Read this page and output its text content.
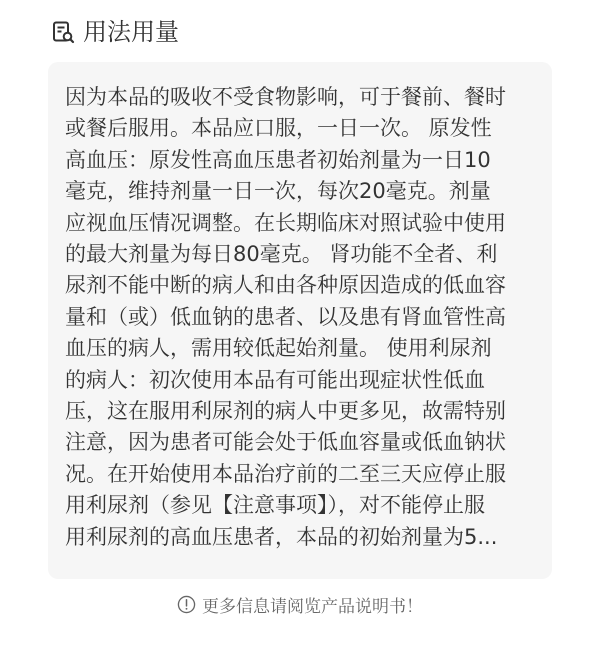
用法用量
因为本品的吸收不受食物影响，可于餐前、餐时
或餐后服用。本品应口服，一日一次。 原发性
高血压：原发性高血压患者初始剂量为一日10
毫克，维持剂量一日一次，每次20毫克。剂量
应视血压情况调整。在长期临床对照试验中使用
的最大剂量为每日80毫克。 肾功能不全者、利
尿剂不能中断的病人和由各种原因造成的低血容
量和（或）低血钠的患者、以及患有肾血管性高
血压的病人，需用较低起始剂量。 使用利尿剂
的病人：初次使用本品有可能出现症状性低血
压，这在服用利尿剂的病人中更多见，故需特别
注意，因为患者可能会处于低血容量或低血钠状
况。在开始使用本品治疗前的二至三天应停止服
用利尿剂（参见【注意事项】），对不能停止服
用利尿剂的高血压患者，本品的初始剂量为5...
更多信息请阅览产品说明书！
